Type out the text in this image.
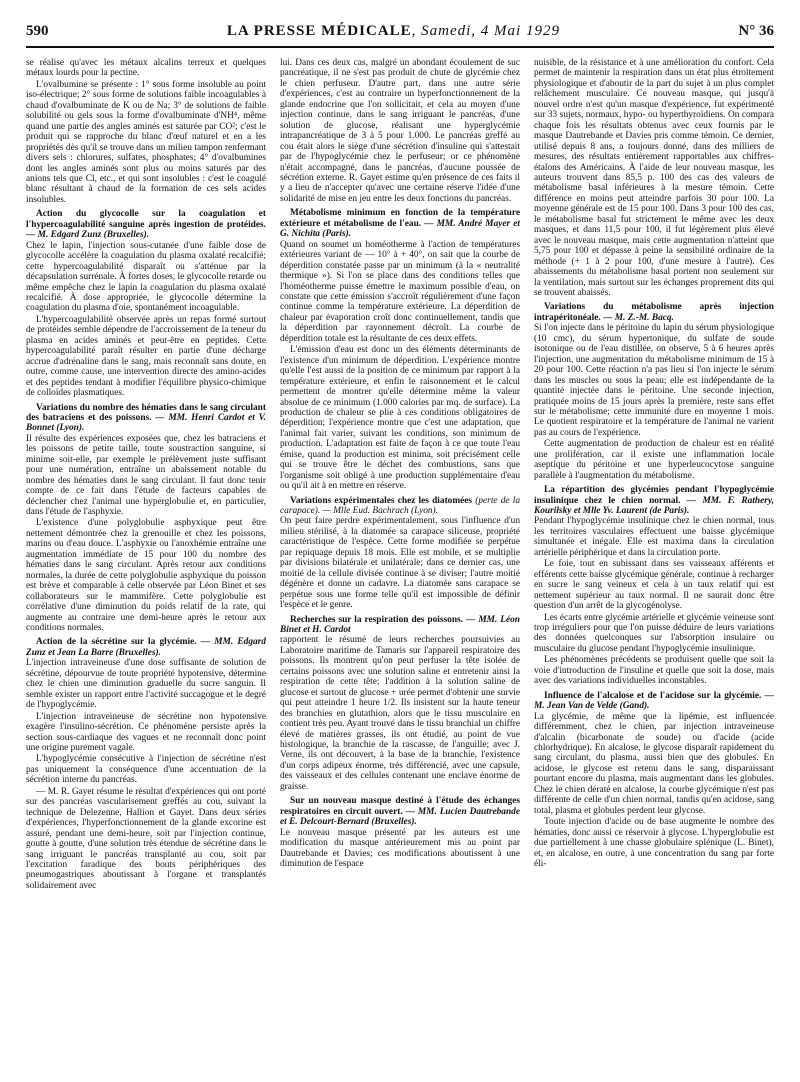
590	LA PRESSE MÉDICALE, Samedi, 4 Mai 1929	N° 36

se réalise qu'avec les métaux alcalins terreux et quelques métaux lourds pour la pectine.

L'ovalbumine se présente : 1° sous forme insoluble au point iso-électrique; 2° sous forme de solutions faible incoagulables à chaud d'ovalbuminate de K ou de Na; 3° de solutions de faible solubilité ou gels sous la forme d'ovalbuminate d'NH⁴, même quand une partie des angles aminés est saturée par CO²; c'est le produit qui se rapproche du blanc d'œuf naturel et en a les propriétés dès qu'il se trouve dans un milieu tampon renfermant divers sels : chlorures, sulfates, phosphates; 4° d'ovalbumines dont les angles aminés sont plus ou moins saturés par des anions tels que Cl, etc., et qui sont insolubles : c'est le coagulé blanc résultant à chaud de la formation de ces sels acides insolubles.

Action du glycocolle sur la coagulation et l'hypercoagulabilité sanguine après ingestion de protéides. — M. Edgard Zunz (Bruxelles).

Chez le lapin, l'injection sous-cutanée d'une faible dose de glycocolle accélère la coagulation du plasma oxalaté recalcifié; cette hypercoagulabilité disparaît ou s'atténue par la décapsulation surrénale. À fortes doses, le glycocolle retarde ou même empêche chez le lapin la coagulation du plasma oxalaté recalcifié. À dose appropriée, le glycocolle détermine la coagulation du plasma d'oie, spontanément incoagulable.

L'hypercoagulabilité observée après un repas formé surtout de protéides semble dépendre de l'accroissement de la teneur du plasma en acides aminés et peut-être en peptides. Cette hypercoagulabilité paraît résulter en partie d'une décharge accrue d'adrénaline dans le sang, mais reconnaît sans doute, en outre, comme cause, une intervention directe des amino-acides et des peptides tendant à modifier l'équilibre physico-chimique de colloïdes plasmatiques.

Variations du nombre des hématies dans le sang circulant des batraciens et des poissons. — MM. Henri Cardot et V. Bonnet (Lyon).

Il résulte des expériences exposées que, chez les batraciens et les poissons de petite taille, toute soustraction sanguine, si minime soit-elle, par exemple le prélèvement juste suffisant pour une numération, entraîne un abaissement notable du nombre des hématies dans le sang circulant. Il faut donc tenir compte de ce fait dans l'étude de facteurs capables de déclencher chez l'animal une hyperglobulie et, en particulier, dans l'étude de l'asphyxie.

L'existence d'une polyglobulie asphyxique peut être nettement démontrée chez la grenouille et chez les poissons, marins ou d'eau douce. L'asphyxie ou l'anoxhémie entraîne une augmentation immédiate de 15 pour 100 du nombre des hématies dans le sang circulant. Après retour aux conditions normales, la durée de cette polyglobulie asphyxique du poisson est brève et comparable à celle observée par Léon Binet et ses collaborateurs sur le mammifère. Cette polyglobulie est corrélative d'une diminution du poids relatif de la rate, qui augmente au contraire une demi-heure après le retour aux conditions normales.

Action de la sécrétine sur la glycémie. — MM. Edgard Zunz et Jean La Barre (Bruxelles).

L'injection intraveineuse d'une dose suffisante de solution de sécrétine, dépourvue de toute propriété hypotensive, détermine chez le chien une diminution graduelle du sucre sanguin. Il semble exister un rapport entre l'activité succagogue et le degré de l'hypoglycémie.

L'injection intraveineuse de sécrétine non hypotensive exagère l'insulino-sécrétion. Ce phénomène persiste après la section sous-cardiaque des vagues et ne reconnaît donc point une origine purement vagale.

L'hypoglycémie consécutive à l'injection de sécrétine n'est pas uniquement la conséquence d'une accentuation de la sécrétion interne du pancréas.

— M. R. Gayet résume le résultat d'expériences qui ont porté sur des pancréas vascularisement greffés au cou, suivant la technique de Delezenne, Hallion et Gayet. Dans deux séries d'expériences, l'hyperfonctionnement de la glande excorine est assuré, pendant une demi-heure, soit par l'injection continue, goutte à goutte, d'une solution très étendue de sécrétine dans le sang irriguant le pancréas transplanté au cou, soit par l'excitation faradique des bouts périphériques des pneumogastriques aboutissant à l'organe et transplantés solidairement avec

lui. Dans ces deux cas, malgré un abondant écoulement de suc pancréatique, il ne s'est pas produit de chute de glycémie chez le chien perfuseur. D'autre part, dans une autre série d'expériences, c'est au contraire un hyperfonctionnement de la glande endocrine que l'on sollicitait, et cela au moyen d'une injection continue, dans le sang irriguant le pancréas, d'une solution de glucose, réalisant une hyperglycémie intrapancréatique de 3 à 5 pour 1.000. Le pancréas greffé au cou était alors le siège d'une sécrétion d'insuline qui s'attestait par de l'hypoglycémie chez le perfuseur; or ce phénomène n'était accompagné, dans le pancréas, d'aucune poussée de sécrétion externe. R. Gayet estime qu'en présence de ces faits il y a lieu de n'accepter qu'avec une certaine réserve l'idée d'une solidarité de mise en jeu entre les deux fonctions du pancréas.

Métabolisme minimum en fonction de la température extérieure et métabolisme de l'eau. — MM. André Mayer et G. Nichita (Paris).

Quand on soumet un homéotherme à l'action de températures extérieures variant de — 10° à + 40°, on sait que la courbe de déperdition constatée passe par un minimum (à la « neutralité thermique »). Si l'on se place dans des conditions telles que l'homéotherme puisse émettre le maximum possible d'eau, on constate que cette émission s'accroît régulièrement d'une façon continue comme la température extérieure. La déperdition de chaleur par évaporation croît donc continuellement, tandis que la déperdition par rayonnement décroît. La courbe de déperdition totale est la résultante de ces deux effets.

L'émission d'eau est donc un des éléments déterminants de l'existence d'un minimum de déperdition. L'expérience montre qu'elle l'est aussi de la position de ce minimum par rapport à la température extérieure, et enfin le raisonnement et le calcul permettent de montrer qu'elle détermine même la valeur absolue de ce minimum (1.000 calories par mq. de surface). La production de chaleur se plie à ces conditions obligatoires de déperdition; l'expérience montre que c'est une adaptation, que l'animal fait varier, suivant les conditions, son minimum de production. L'adaptation est faite de façon à ce que toute l'eau émise, quand la production est minima, soit précisément celle qui se trouve être le déchet des combustions, sans que l'organisme soit obligé à une production supplémentaire d'eau ou qu'il ait à en mettre en réserve.

Variations expérimentales chez les diatomées (perte de la carapace). — Mlle Eud. Bachrach (Lyon).

On peut faire perdre expérimentalement, sous l'influence d'un milieu stérilisé, à la diatomée sa carapace siliceuse, propriété caractéristique de l'espèce. Cette forme modifiée se perpétue par repiquage depuis 18 mois. Elle est mobile, et se multiplie par divisions bilatérale et unilatérale; dans ce dernier cas, une moitié de la cellule divisée continue à se diviser; l'autre moitié dégénère et donne un cadavre. La diatomée sans carapace se perpétue sous une forme telle qu'il est impossible de définir l'espèce et le genre.

Recherches sur la respiration des poissons. — MM. Léon Binet et H. Cardot

rapportent le résumé de leurs recherches poursuivies au Laboratoire maritime de Tamaris sur l'appareil respiratoire des poissons. Ils montrent qu'on peut perfuser la tête isolée de certains poissons avec une solution saline et entretenir ainsi la respiration de cette tête; l'addition à la solution saline de glucose et surtout de glucose + urée permet d'obtenir une survie qui peut atteindre 1 heure 1/2. Ils insistent sur la haute teneur des branchies en glutathion, alors que le tissu musculaire en contient très peu. Ayant trouvé dans le tissu branchial un chiffre élevé de matières grasses, ils ont étudié, au point de vue histologique, la branchie de la rascasse, de l'anguille; avec J. Verne, ils ont découvert, à la base de la branchie, l'existence d'un corps adipeux énorme, très différencié, avec une capsule, des vaisseaux et des cellules contenant une enclave énorme de graisse.

Sur un nouveau masque destiné à l'étude des échanges respiratoires en circuit ouvert. — MM. Lucien Dautrebande et E. Delcourt-Bernard (Bruxelles).

Le nouveau masque présenté par les auteurs est une modification du masque antérieurement mis au point par Dautrebande et Davies; ces modifications aboutissent à une diminution de l'espace

nuisible, de la résistance et à une amélioration du confort. Cela permet de maintenir la respiration dans un état plus étroitement physiologique et d'aboutir de la part du sujet à un plus complet relâchement musculaire. Ce nouveau masque, qui jusqu'à nouvel ordre n'est qu'un masque d'expérience, fut expérimenté sur 33 sujets, normaux, hypo- ou hyperthyroïdiens. On compara chaque fois les résultats obtenus avec ceux fournis par le masque Dautrebande et Davies pris comme témoin. Ce dernier, utilisé depuis 8 ans, a toujours donné, dans des milliers de mesures, des résultats entièrement rapportables aux chiffres-étalons des Américains. À l'aide de leur nouveau masque, les auteurs trouvent dans 85,5 p. 100 des cas des valeurs de métabolisme basal inférieures à la mesure témoin. Cette différence en moins peut atteindre parfois 30 pour 100. La moyenne générale est de 15 pour 100. Dans 3 pour 100 des cas, le métabolisme basal fut strictement le même avec les deux masques, et dans 11,5 pour 100, il fut légèrement plus élevé avec le nouveau masque, mais cette augmentation n'atteint que 5,75 pour 100 et dépasse à peine la sensibilité ordinaire de la méthode (+ 1 à 2 pour 100, d'une mesure à l'autre). Ces abaissements du métabolisme basal portent non seulement sur la ventilation, mais surtout sur les échanges proprement dits qui se trouvent abaissés.

Variations du métabolisme après injection intrapéritonéale. — M. Z.-M. Bacq.

Si l'on injecte dans le péritoine du lapin du sérum physiologique (10 cmc), du sérum hypertonique, du sulfate de soude isotonique ou de l'eau distillée, on observe, 5 à 6 heures après l'injection, une augmentation du métabolisme minimum de 15 à 20 pour 100. Cette réaction n'a pas lieu si l'on injecte le sérum dans les muscles ou sous la peau; elle est indépendante de la quantité injectée dans le péritoine. Une seconde injection, pratiquée moins de 15 jours après la première, reste sans effet sur le métabolisme; cette immunité dure en moyenne 1 mois. Le quotient respiratoire et la température de l'animal ne varient pas au cours de l'expérience.

Cette augmentation de production de chaleur est en réalité une prolifération, car il existe une inflammation locale aseptique du péritoine et une hyperleucocytose sanguine parallèle à l'augmentation du métabolisme.

La répartition des glycémies pendant l'hypoglycémie insulinique chez le chien normal. — MM. F. Rathery, Kourilsky et Mlle Yv. Laurent (de Paris).

Pendant l'hypoglycémie insulinique chez le chien normal, tous les territoires vasculaires effectuent une baisse glycémique simultanée et inégale. Elle est maxima dans la circulation artérielle périphérique et dans la circulation porte.

Le foie, tout en subissant dans ses vaisseaux afférents et efférents cette baisse glycémique générale, continue à recharger en sucre le sang veineux et cela à un taux relatif qui est nettement supérieur au taux normal. Il ne saurait donc être question d'un arrêt de la glycogénolyse.

Les écarts entre glycémie artérielle et glycémie veineuse sont trop irréguliers pour que l'on puisse déduire de leurs variations des données quelconques sur l'absorption insulaire ou musculaire du glucose pendant l'hypoglycémie insulinique.

Les phénomènes précédents se produisent quelle que soit la voie d'introduction de l'insuline et quelle que soit la dose, mais avec des variations individuelles inconstables.

Influence de l'alcalose et de l'acidose sur la glycémie. — M. Jean Van de Velde (Gand).

La glycémie, de même que la lipémie, est influencée différemment, chez le chien, par injection intraveineuse d'alcalin (bicarbonate de soude) ou d'acide (acide chlorhydrique). En alcalose, le glycose disparaît rapidement du sang circulant, du plasma, aussi bien que des globules. En acidose, le glycose est retenu dans le sang, disparaissant pourtant encore du plasma, mais augmentant dans les globules. Chez le chien dératé en alcalose, la courbe glycémique n'est pas différente de celle d'un chien normal, tandis qu'en acidose, sang total, plasma et globules perdent leur glycose.

Toute injection d'acide ou de base augmente le nombre des hématies, donc aussi ce réservoir à glycose. L'hyperglobulie est due partiellement à une chasse globulaire splénique (L. Binet), et, en alcalose, en outre, à une concentration du sang par forte éli-
